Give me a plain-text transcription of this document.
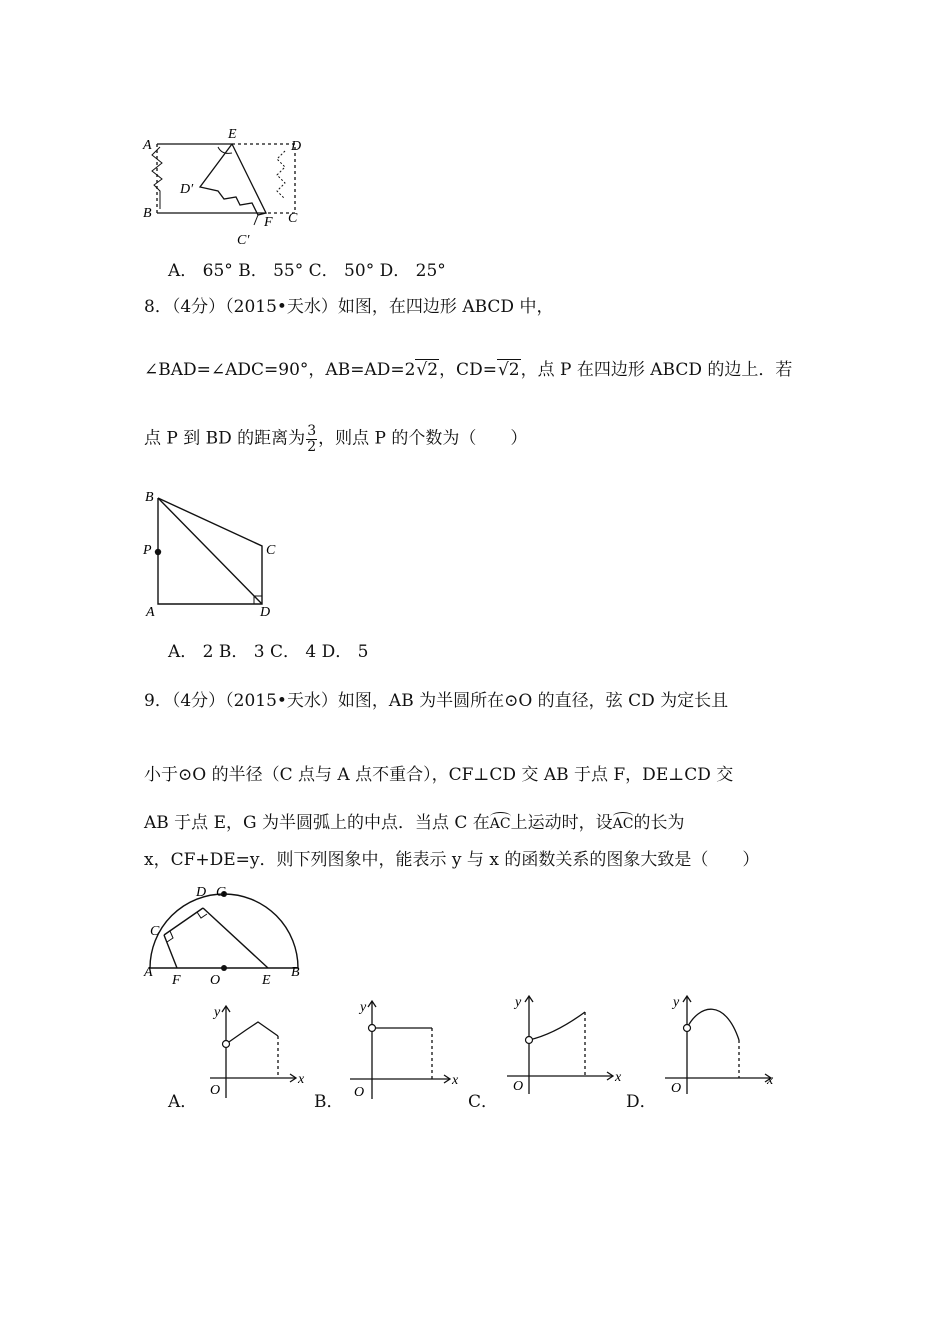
A
E
D
D′
B
F C
C′
A． 65° B． 55° C． 50° D． 25°
8．（4分）（2015•天水）如图，在四边形 ABCD 中，
∠BAD=∠ADC=90°，AB=AD=2√2，CD=√2，点 P 在四边形 ABCD 的边上．若
点 P 到 BD 的距离为 $\frac{3}{2}$ ，则点 P 的个数为（　　）
B
P	C
A	D
A． 2 B． 3 C． 4 D． 5
9．（4分）（2015•天水）如图，AB 为半圆所在⊙O 的直径，弦 CD 为定长且
小于⊙O 的半径（C 点与 A 点不重合），CF⊥CD 交 AB 于点 F，DE⊥CD 交
AB 于点 E，G 为半圆弧上的中点．当点 C 在AC上运动时，设AC的长为
x，CF+DE=y．则下列图象中，能表示 y 与 x 的函数关系的图象大致是（　　）
D G
C
A
F O	E
B
y
x
O
A．
y
x
O
B．
y
x
O
C．
y
x
O
D．
